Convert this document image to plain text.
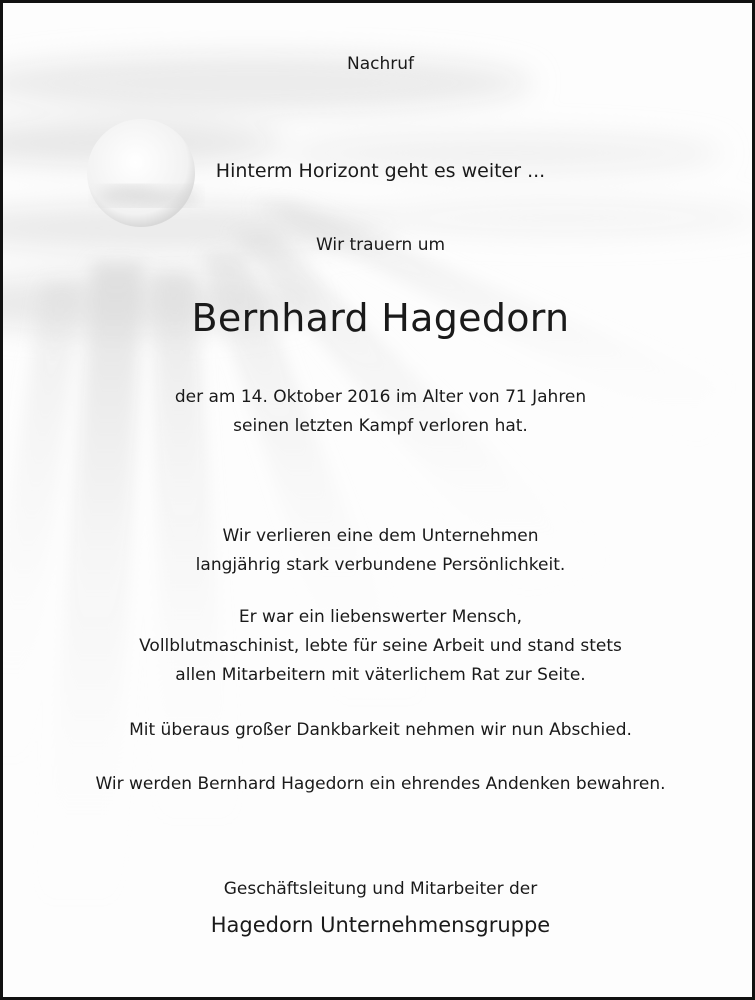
Nachruf
Hinterm Horizont geht es weiter ...
Wir trauern um
Bernhard Hagedorn
der am 14. Oktober 2016 im Alter von 71 Jahren
seinen letzten Kampf verloren hat.
Wir verlieren eine dem Unternehmen
langjährig stark verbundene Persönlichkeit.
Er war ein liebenswerter Mensch,
Vollblutmaschinist, lebte für seine Arbeit und stand stets
allen Mitarbeitern mit väterlichem Rat zur Seite.
Mit überaus großer Dankbarkeit nehmen wir nun Abschied.
Wir werden Bernhard Hagedorn ein ehrendes Andenken bewahren.
Geschäftsleitung und Mitarbeiter der
Hagedorn Unternehmensgruppe
